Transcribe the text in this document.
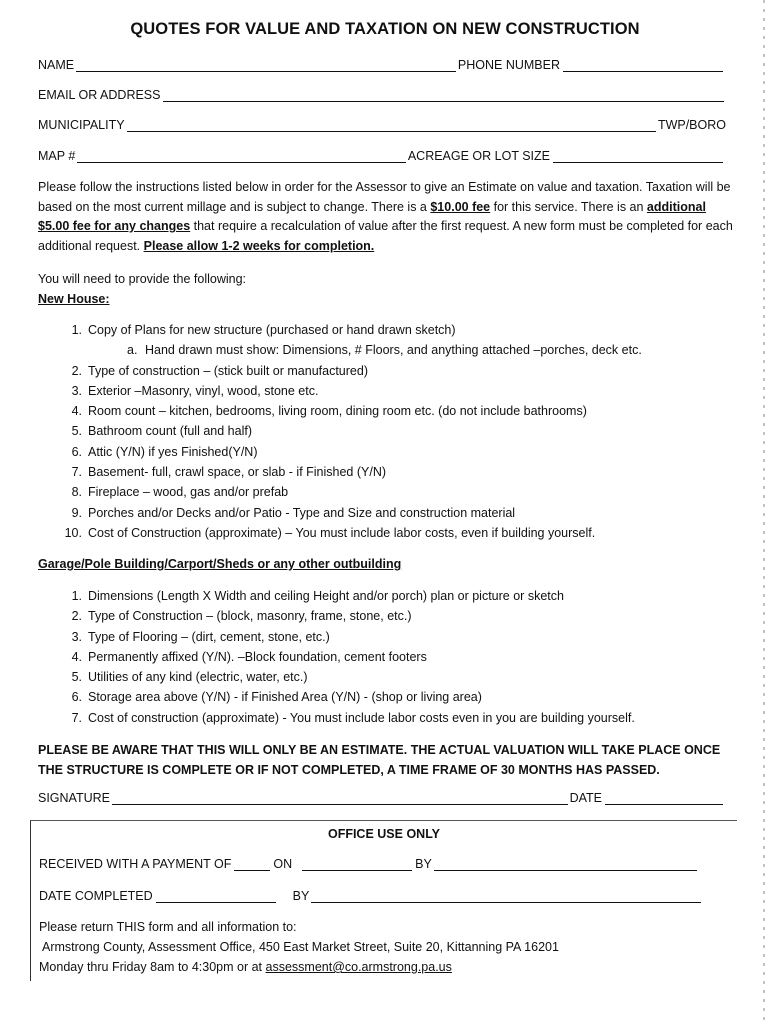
QUOTES FOR VALUE AND TAXATION ON NEW CONSTRUCTION
NAME	PHONE NUMBER
EMAIL OR ADDRESS
MUNICIPALITY	TWP/BORO
MAP #	ACREAGE OR LOT SIZE
Please follow the instructions listed below in order for the Assessor to give an Estimate on value and taxation. Taxation will be based on the most current millage and is subject to change. There is a $10.00 fee for this service. There is an additional $5.00 fee for any changes that require a recalculation of value after the first request. A new form must be completed for each additional request. Please allow 1-2 weeks for completion.
You will need to provide the following:
New House:
1. Copy of Plans for new structure (purchased or hand drawn sketch)
a. Hand drawn must show: Dimensions, # Floors, and anything attached –porches, deck etc.
2. Type of construction – (stick built or manufactured)
3. Exterior –Masonry, vinyl, wood, stone etc.
4. Room count – kitchen, bedrooms, living room, dining room etc. (do not include bathrooms)
5. Bathroom count (full and half)
6. Attic (Y/N) if yes Finished(Y/N)
7. Basement- full, crawl space, or slab - if Finished (Y/N)
8. Fireplace – wood, gas and/or prefab
9. Porches and/or Decks and/or Patio - Type and Size and construction material
10. Cost of Construction (approximate) – You must include labor costs, even if building yourself.
Garage/Pole Building/Carport/Sheds or any other outbuilding
1. Dimensions (Length X Width and ceiling Height and/or porch) plan or picture or sketch
2. Type of Construction – (block, masonry, frame, stone, etc.)
3. Type of Flooring – (dirt, cement, stone, etc.)
4. Permanently affixed (Y/N). –Block foundation, cement footers
5. Utilities of any kind (electric, water, etc.)
6. Storage area above (Y/N) - if Finished Area (Y/N) - (shop or living area)
7. Cost of construction (approximate) - You must include labor costs even in you are building yourself.
PLEASE BE AWARE THAT THIS WILL ONLY BE AN ESTIMATE. THE ACTUAL VALUATION WILL TAKE PLACE ONCE THE STRUCTURE IS COMPLETE OR IF NOT COMPLETED, A TIME FRAME OF 30 MONTHS HAS PASSED.
SIGNATURE	DATE
OFFICE USE ONLY
RECEIVED WITH A PAYMENT OF	ON	BY
DATE COMPLETED	BY
Please return THIS form and all information to:
Armstrong County, Assessment Office, 450 East Market Street, Suite 20, Kittanning PA 16201
Monday thru Friday 8am to 4:30pm or at assessment@co.armstrong.pa.us
